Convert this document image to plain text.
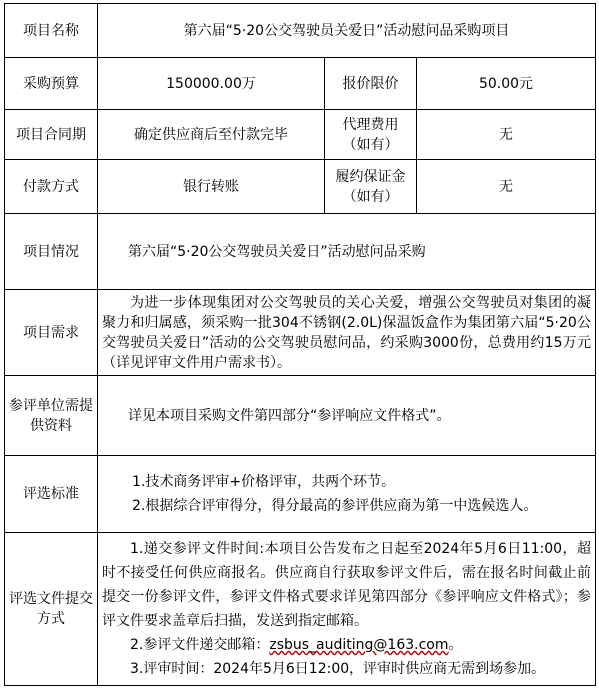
项目名称	第六届“5·20公交驾驶员关爱日”活动慰问品采购项目		
采购预算	150000.00万	报价限价	50.00元
项目合同期	确定供应商后至付款完毕	代理费用（如有）	无
付款方式	银行转账	履约保证金（如有）	无
项目情况	第六届“5·20公交驾驶员关爱日”活动慰问品采购		
项目需求	为进一步体现集团对公交驾驶员的关心关爱，增强公交驾驶员对集团的凝聚力和归属感，须采购一批304不锈钢(2.0L)保温饭盒作为集团第六届“5·20公交驾驶员关爱日”活动的公交驾驶员慰问品，约采购3000份，总费用约15万元（详见评审文件用户需求书）。		
参评单位需提供资料	详见本项目采购文件第四部分“参评响应文件格式”。		
评选标准	1.技术商务评审+价格评审，共两个环节。
2.根据综合评审得分，得分最高的参评供应商为第一中选候选人。		

评选文件提交方式	1.递交参评文件时间:本项目公告发布之日起至2024年5月6日11:00，超时不接受任何供应商报名。供应商自行获取参评文件后，需在报名时间截止前提交一份参评文件，参评文件格式要求详见第四部分《参评响应文件格式》；参评文件要求盖章后扫描，发送到指定邮箱。
2.参评文件递交邮箱：zsbus_auditing@163.com。
3.评审时间：2024年5月6日12:00，评审时供应商无需到场参加。		
